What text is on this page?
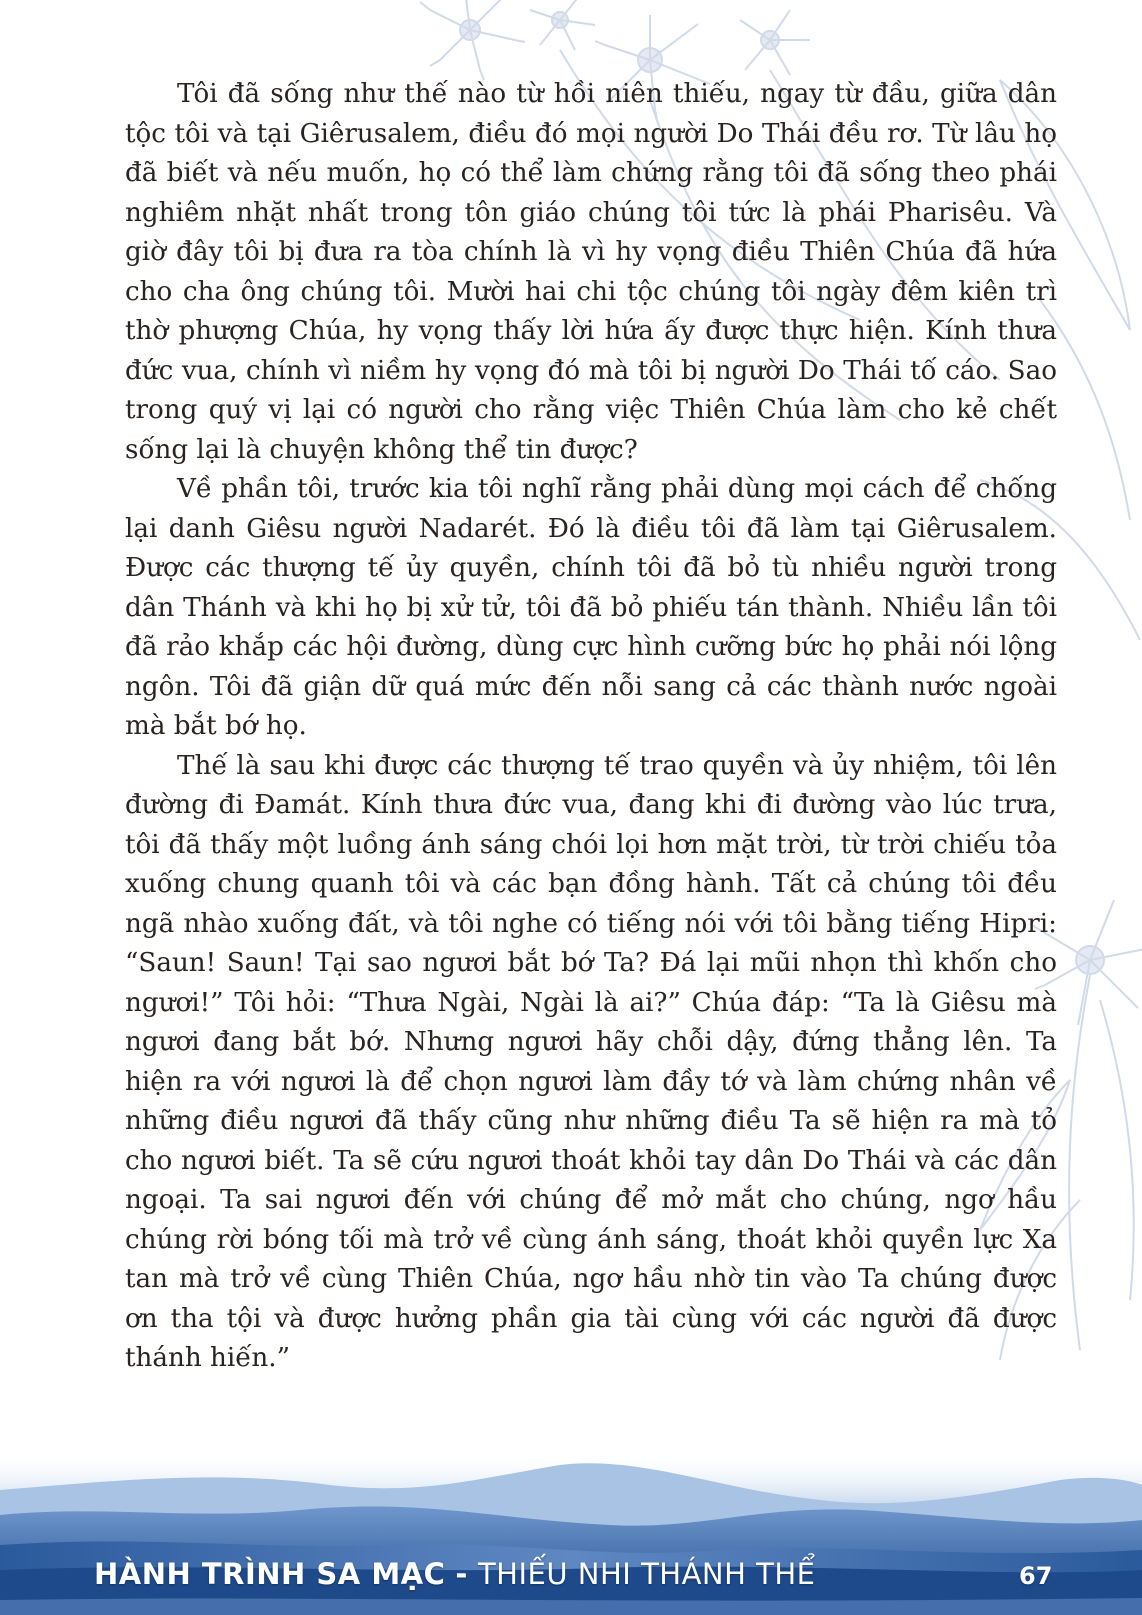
Tôi đã sống như thế nào từ hồi niên thiếu, ngay từ đầu, giữa dân tộc tôi và tại Giêrusalem, điều đó mọi người Do Thái đều rơ. Từ lâu họ đã biết và nếu muốn, họ có thể làm chứng rằng tôi đã sống theo phái nghiêm nhặt nhất trong tôn giáo chúng tôi tức là phái Pharisêu. Và giờ đây tôi bị đưa ra tòa chính là vì hy vọng điều Thiên Chúa đã hứa cho cha ông chúng tôi. Mười hai chi tộc chúng tôi ngày đêm kiên trì thờ phượng Chúa, hy vọng thấy lời hứa ấy được thực hiện. Kính thưa đức vua, chính vì niềm hy vọng đó mà tôi bị người Do Thái tố cáo. Sao trong quý vị lại có người cho rằng việc Thiên Chúa làm cho kẻ chết sống lại là chuyện không thể tin được?

Về phần tôi, trước kia tôi nghĩ rằng phải dùng mọi cách để chống lại danh Giêsu người Nadarét. Đó là điều tôi đã làm tại Giêrusalem. Được các thượng tế ủy quyền, chính tôi đã bỏ tù nhiều người trong dân Thánh và khi họ bị xử tử, tôi đã bỏ phiếu tán thành. Nhiều lần tôi đã rảo khắp các hội đường, dùng cực hình cưỡng bức họ phải nói lộng ngôn. Tôi đã giận dữ quá mức đến nỗi sang cả các thành nước ngoài mà bắt bớ họ.

Thế là sau khi được các thượng tế trao quyền và ủy nhiệm, tôi lên đường đi Đamát. Kính thưa đức vua, đang khi đi đường vào lúc trưa, tôi đã thấy một luồng ánh sáng chói lọi hơn mặt trời, từ trời chiếu tỏa xuống chung quanh tôi và các bạn đồng hành. Tất cả chúng tôi đều ngã nhào xuống đất, và tôi nghe có tiếng nói với tôi bằng tiếng Hipri: “Saun! Saun! Tại sao ngươi bắt bớ Ta? Đá lại mũi nhọn thì khốn cho ngươi!” Tôi hỏi: “Thưa Ngài, Ngài là ai?” Chúa đáp: “Ta là Giêsu mà ngươi đang bắt bớ. Nhưng ngươi hãy chỗi dậy, đứng thẳng lên. Ta hiện ra với ngươi là để chọn ngươi làm đầy tớ và làm chứng nhân về những điều ngươi đã thấy cũng như những điều Ta sẽ hiện ra mà tỏ cho ngươi biết. Ta sẽ cứu ngươi thoát khỏi tay dân Do Thái và các dân ngoại. Ta sai ngươi đến với chúng để mở mắt cho chúng, ngơ hầu chúng rời bóng tối mà trở về cùng ánh sáng, thoát khỏi quyền lực Xa tan mà trở về cùng Thiên Chúa, ngơ hầu nhờ tin vào Ta chúng được ơn tha tội và được hưởng phần gia tài cùng với các người đã được thánh hiến.”

HÀNH TRÌNH SA MẠC - THIẾU NHI THÁNH THỂ	67
